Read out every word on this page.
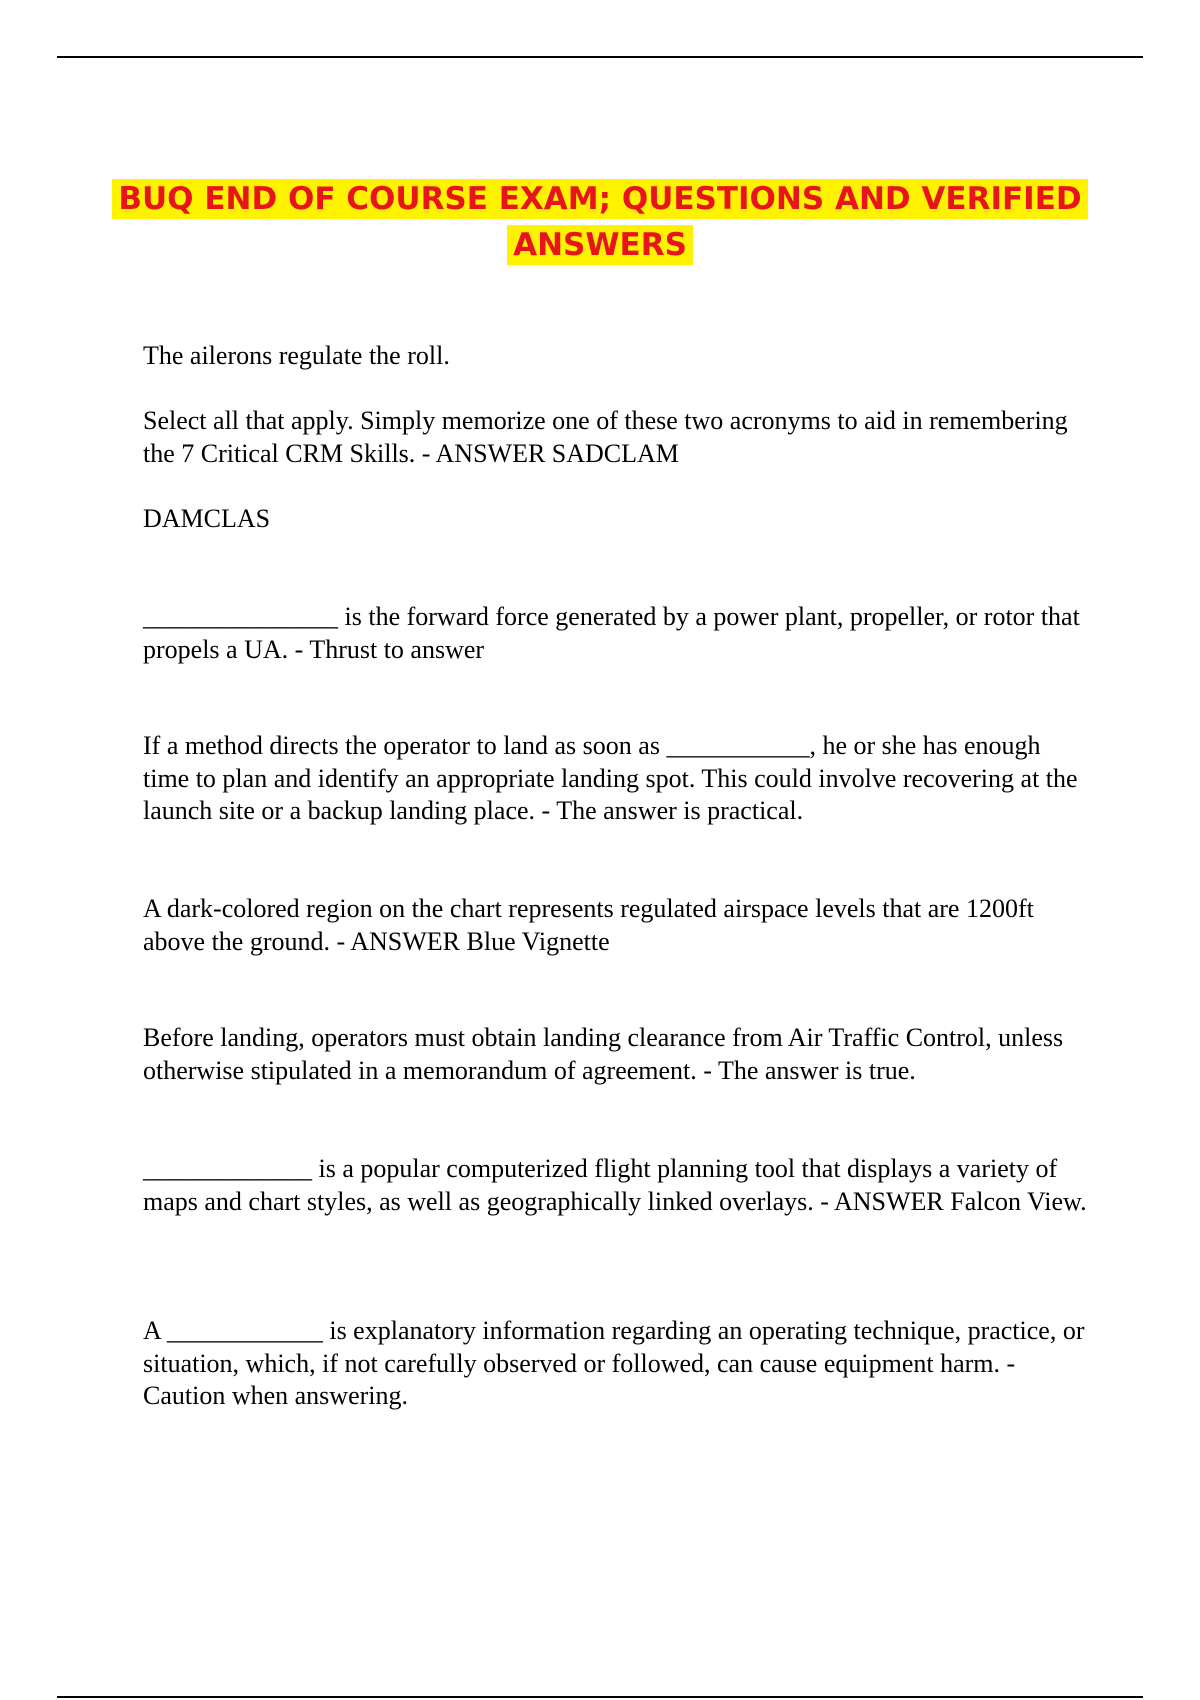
BUQ END OF COURSE EXAM; QUESTIONS AND VERIFIED ANSWERS

The ailerons regulate the roll.

Select all that apply. Simply memorize one of these two acronyms to aid in remembering the 7 Critical CRM Skills. - ANSWER SADCLAM

DAMCLAS

_______________ is the forward force generated by a power plant, propeller, or rotor that propels a UA. - Thrust to answer

If a method directs the operator to land as soon as ___________, he or she has enough time to plan and identify an appropriate landing spot. This could involve recovering at the launch site or a backup landing place. - The answer is practical.

A dark-colored region on the chart represents regulated airspace levels that are 1200ft above the ground. - ANSWER Blue Vignette

Before landing, operators must obtain landing clearance from Air Traffic Control, unless otherwise stipulated in a memorandum of agreement. - The answer is true.

_____________ is a popular computerized flight planning tool that displays a variety of maps and chart styles, as well as geographically linked overlays. - ANSWER Falcon View.

A ____________ is explanatory information regarding an operating technique, practice, or situation, which, if not carefully observed or followed, can cause equipment harm. - Caution when answering.
